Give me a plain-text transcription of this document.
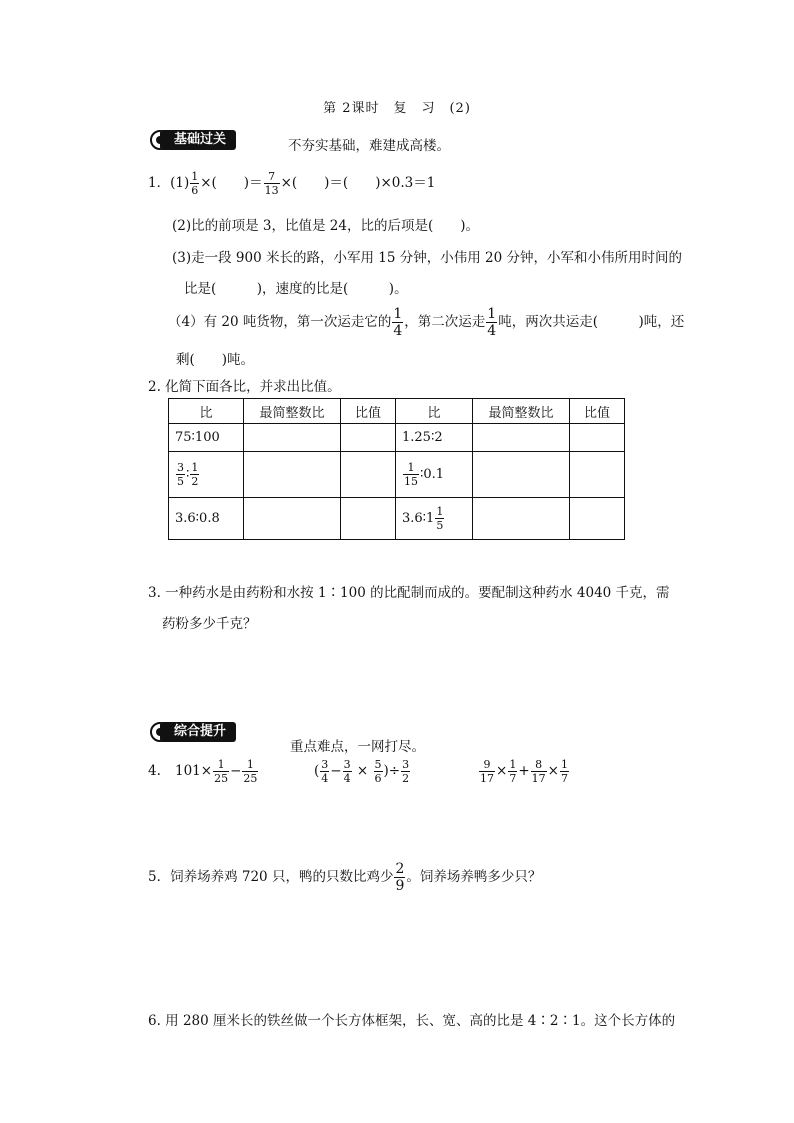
第 2课时　复　习　(2)
基础过关	不夯实基础，难建成高楼。
1．$(1) \frac{1}{6}$ ×(　　)＝ $\frac{7}{13}$ ×(　　)＝(　　)×0.3＝1
(2)比的前项是 3，比值是 24，比的后项是(　　)。
(3)走一段 900 米长的路，小军用 15 分钟，小伟用 20 分钟，小军和小伟所用时间的
比是(　　　)，速度的比是(　　　)。
（4）有 20 吨货物，第一次运走它的 $\frac{1}{4}$ ，第二次运走 $\frac{1}{4}$ 吨，两次共运走(　　　)吨，还
剩(　　)吨。
2. 化简下面各比，并求出比值。
比	最简整数比	比值	比	最简整数比	比值
75∶100			1.25∶2		

$\frac{3}{5}$ ∶ $\frac{1}{2}$			$\frac{1}{15}$ ∶0.1		
3.6∶0.8			3.6∶1 $\frac{1}{5}$

3. 一种药水是由药粉和水按 1∶100 的比配制而成的。要配制这种药水 4040 千克，需
药粉多少千克？
综合提升
重点难点，一网打尽。
4. $101\times \frac{1}{25} - \frac{1}{25}$	( $\frac{3}{4} - \frac{3}{4} \times \frac{5}{6}$ )÷ $\frac{3}{2}$	$\frac{9}{17} \times \frac{1}{7} + \frac{8}{17} \times \frac{1}{7}$
5．饲养场养鸡 720 只，鸭的只数比鸡少 $\frac{2}{9}$ 。饲养场养鸭多少只？
6. 用 280 厘米长的铁丝做一个长方体框架，长、宽、高的比是 4∶2∶1。这个长方体的
